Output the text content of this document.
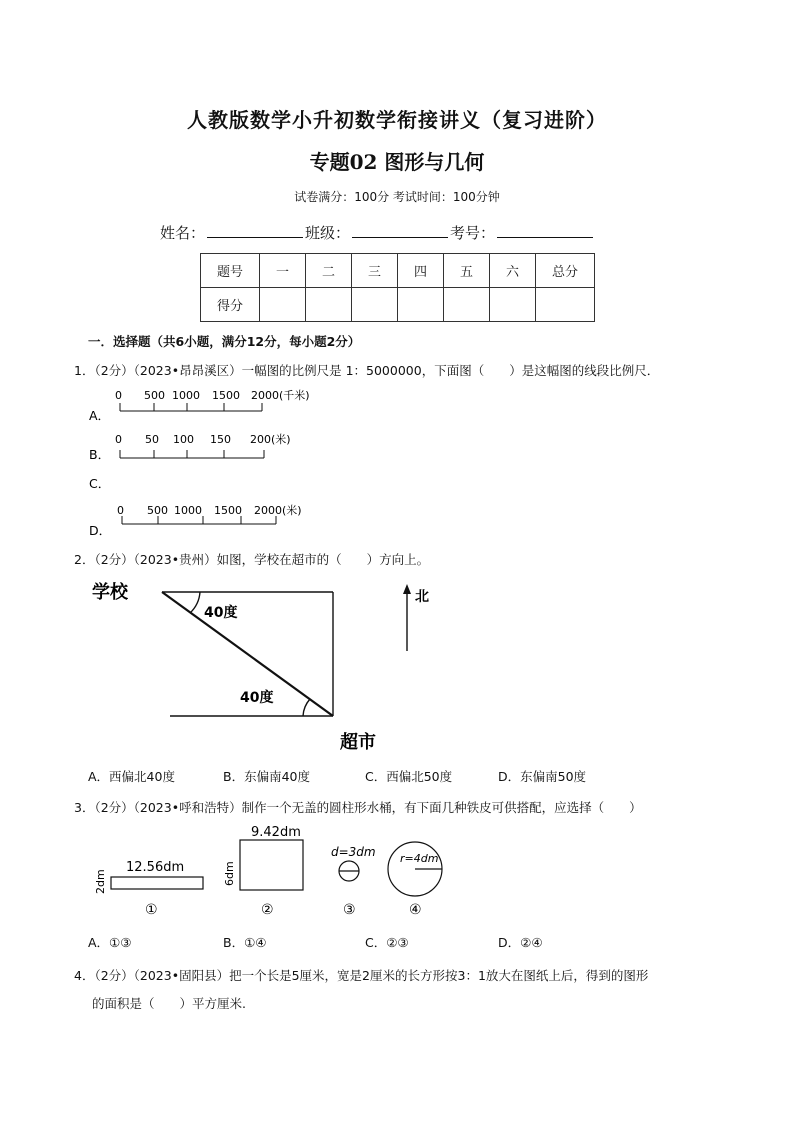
人教版数学小升初数学衔接讲义（复习进阶）
专题02 图形与几何
试卷满分：100分 考试时间：100分钟
姓名：	班级：	考号：
题号	一	二	三	四	五	六	总分
得分							
一．选择题（共6小题，满分12分，每小题2分）
1．（2分）（2023•昂昂溪区）一幅图的比例尺是 1：5000000，下面图（　　）是这幅图的线段比例尺．
A．
0 500 1000 1500 2000(千米)
B．
0 50 100 150 200(米)
C．
D．
0 500 1000 1500 2000(米)
2．（2分）（2023•贵州）如图，学校在超市的（　　）方向上。
学校
40度
40度
北
超市
A．西偏北40度	B．东偏南40度	C．西偏北50度	D．东偏南50度
3．（2分）（2023•呼和浩特）制作一个无盖的圆柱形水桶，有下面几种铁皮可供搭配，应选择（　　）
12.56dm
2dm
①
9.42dm
6dm
②
d=3dm
③
r=4dm
④
A．①③	B．①④	C．②③	D．②④
4．（2分）（2023•固阳县）把一个长是5厘米，宽是2厘米的长方形按3：1放大在图纸上后，得到的图形
的面积是（　　）平方厘米.
